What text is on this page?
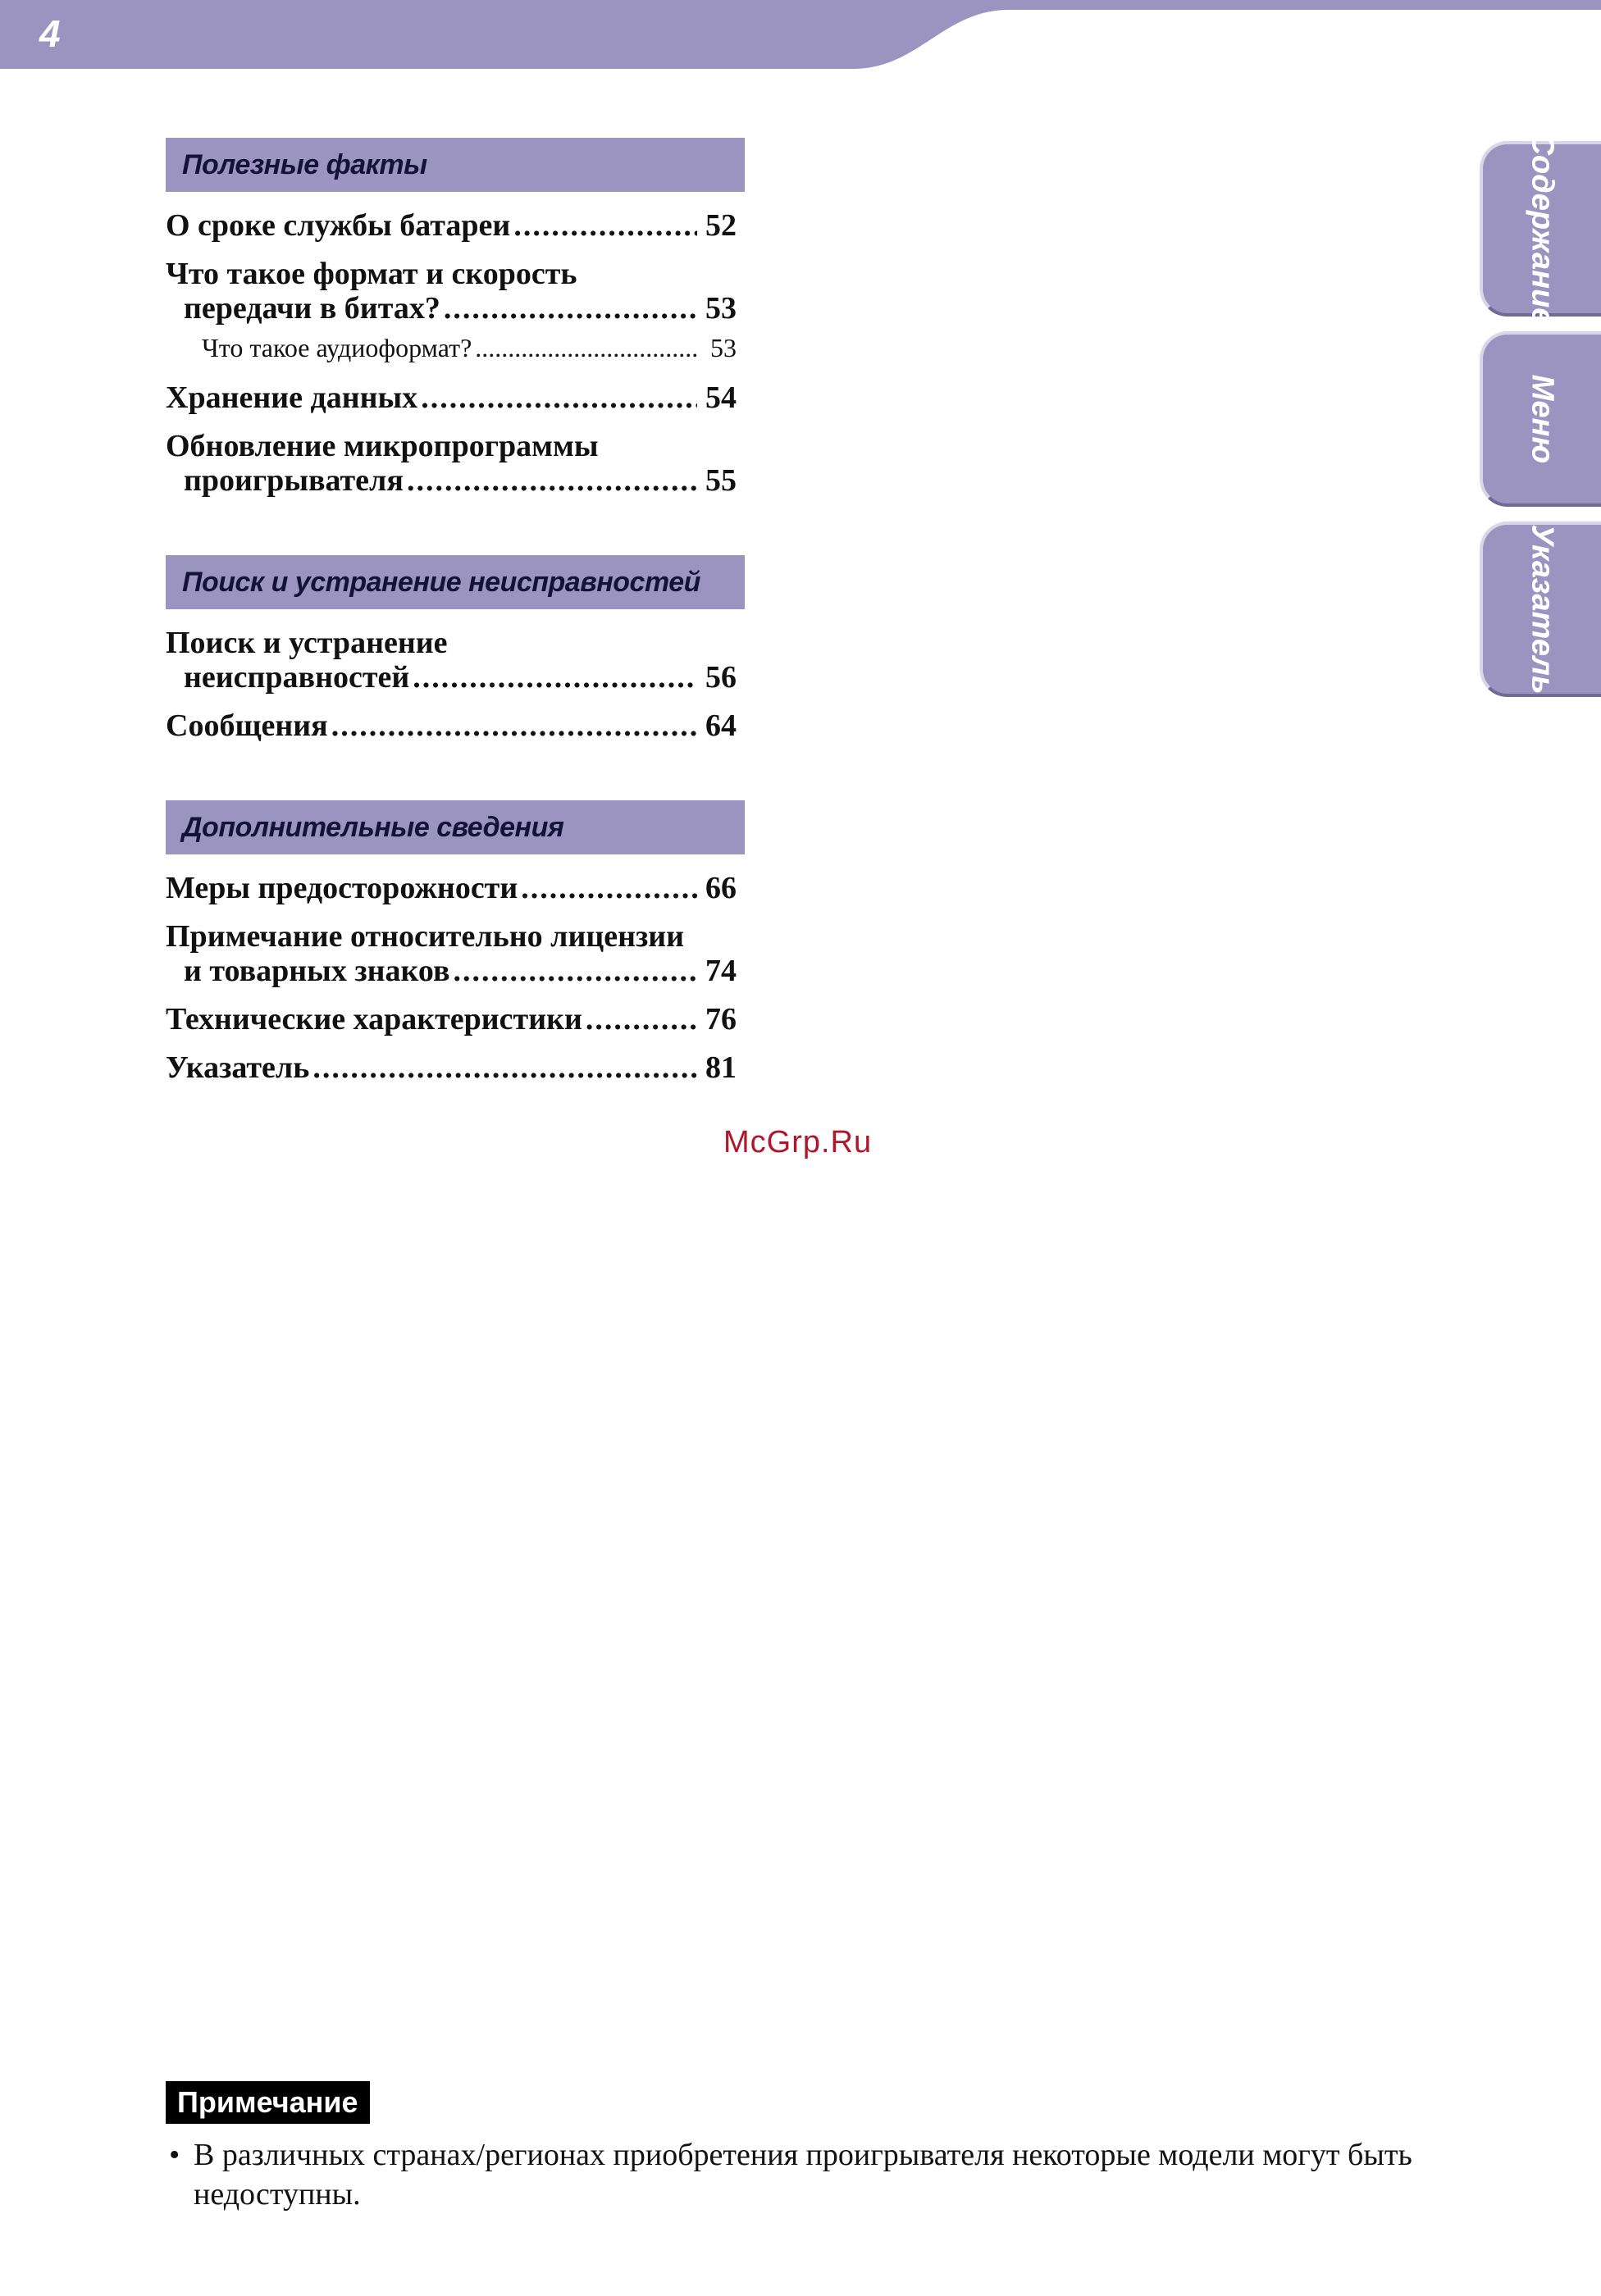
4
Полезные факты
О сроке службы батареи .....	52
Что такое формат и скорость
передачи в битах? .....	53
Что такое аудиоформат? .....	53
Хранение данных .....	54
Обновление микропрограммы
проигрывателя .....	55
Поиск и устранение неисправностей
Поиск и устранение
неисправностей .....	56
Сообщения .....	64
Дополнительные сведения
Меры предосторожности .....	66
Примечание относительно лицензии
и товарных знаков .....	74
Технические характеристики .....	76
Указатель .....	81
McGrp.Ru
Содержание
Меню
Указатель
Примечание
• В различных странах/регионах приобретения проигрывателя некоторые модели могут быть недоступны.
